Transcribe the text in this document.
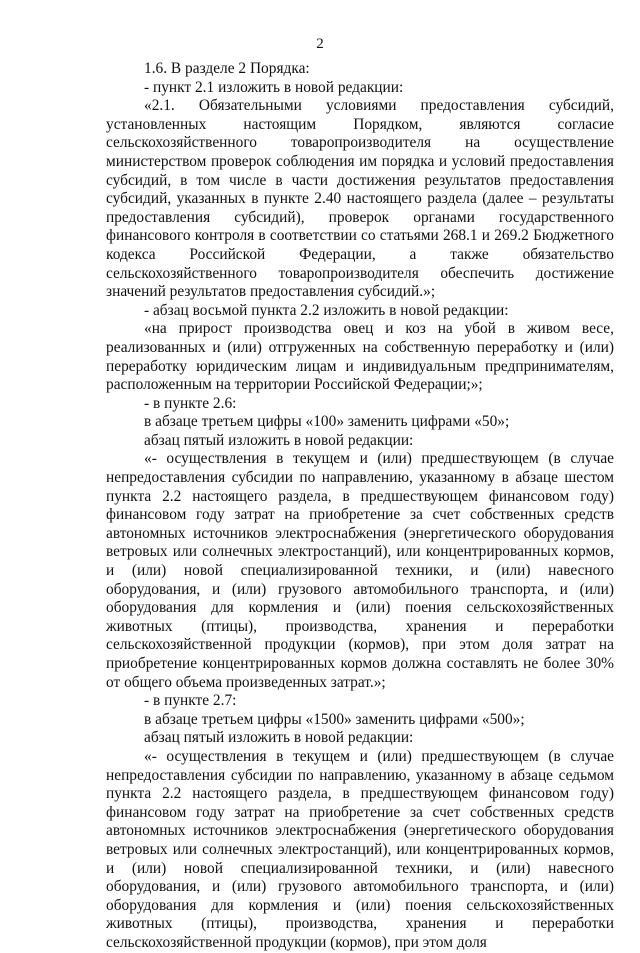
2

1.6. В разделе 2 Порядка:

- пункт 2.1 изложить в новой редакции:

«2.1. Обязательными условиями предоставления субсидий, установленных настоящим Порядком, являются согласие сельскохозяйственного товаропроизводителя на осуществление министерством проверок соблюдения им порядка и условий предоставления субсидий, в том числе в части достижения результатов предоставления субсидий, указанных в пункте 2.40 настоящего раздела (далее – результаты предоставления субсидий), проверок органами государственного финансового контроля в соответствии со статьями 268.1 и 269.2 Бюджетного кодекса Российской Федерации, а также обязательство сельскохозяйственного товаропроизводителя обеспечить достижение значений результатов предоставления субсидий.»;

- абзац восьмой пункта 2.2 изложить в новой редакции:

«на прирост производства овец и коз на убой в живом весе, реализованных и (или) отгруженных на собственную переработку и (или) переработку юридическим лицам и индивидуальным предпринимателям, расположенным на территории Российской Федерации;»;

- в пункте 2.6:

в абзаце третьем цифры «100» заменить цифрами «50»;

абзац пятый изложить в новой редакции:

«- осуществления в текущем и (или) предшествующем (в случае непредоставления субсидии по направлению, указанному в абзаце шестом пункта 2.2 настоящего раздела, в предшествующем финансовом году) финансовом году затрат на приобретение за счет собственных средств автономных источников электроснабжения (энергетического оборудования ветровых или солнечных электростанций), или концентрированных кормов, и (или) новой специализированной техники, и (или) навесного оборудования, и (или) грузового автомобильного транспорта, и (или) оборудования для кормления и (или) поения сельскохозяйственных животных (птицы), производства, хранения и переработки сельскохозяйственной продукции (кормов), при этом доля затрат на приобретение концентрированных кормов должна составлять не более 30% от общего объема произведенных затрат.»;

- в пункте 2.7:

в абзаце третьем цифры «1500» заменить цифрами «500»;

абзац пятый изложить в новой редакции:

«- осуществления в текущем и (или) предшествующем (в случае непредоставления субсидии по направлению, указанному в абзаце седьмом пункта 2.2 настоящего раздела, в предшествующем финансовом году) финансовом году затрат на приобретение за счет собственных средств автономных источников электроснабжения (энергетического оборудования ветровых или солнечных электростанций), или концентрированных кормов, и (или) новой специализированной техники, и (или) навесного оборудования, и (или) грузового автомобильного транспорта, и (или) оборудования для кормления и (или) поения сельскохозяйственных животных (птицы), производства, хранения и переработки сельскохозяйственной продукции (кормов), при этом доля
